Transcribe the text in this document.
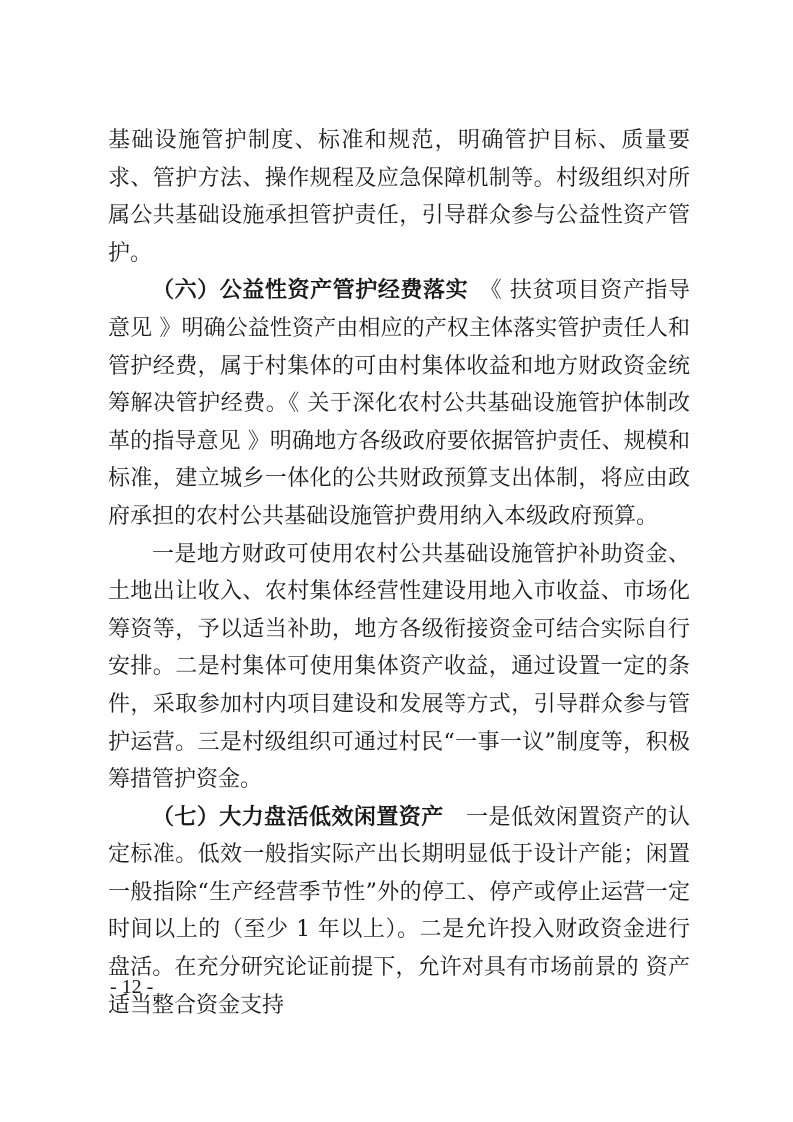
基础设施管护制度、标准和规范，明确管护目标、质量要求、管护方法、操作规程及应急保障机制等。村级组织对所属公共基础设施承担管护责任，引导群众参与公益性资产管护。

（六）公益性资产管护经费落实　《 扶贫项目资产指导意见 》明确公益性资产由相应的产权主体落实管护责任人和管护经费，属于村集体的可由村集体收益和地方财政资金统筹解决管护经费。《 关于深化农村公共基础设施管护体制改革的指导意见 》明确地方各级政府要依据管护责任、规模和标准，建立城乡一体化的公共财政预算支出体制，将应由政府承担的农村公共基础设施管护费用纳入本级政府预算。

一是地方财政可使用农村公共基础设施管护补助资金、土地出让收入、农村集体经营性建设用地入市收益、市场化筹资等，予以适当补助，地方各级衔接资金可结合实际自行安排。二是村集体可使用集体资产收益，通过设置一定的条件，采取参加村内项目建设和发展等方式，引导群众参与管护运营。三是村级组织可通过村民“一事一议”制度等，积极筹措管护资金。

（七）大力盘活低效闲置资产　一是低效闲置资产的认定标准。低效一般指实际产出长期明显低于设计产能；闲置一般指除“生产经营季节性”外的停工、停产或停止运营一定时间以上的（至少 1 年以上）。二是允许投入财政资金进行盘活。在充分研究论证前提下，允许对具有市场前景的 资产适当整合资金支持

- 12 -
